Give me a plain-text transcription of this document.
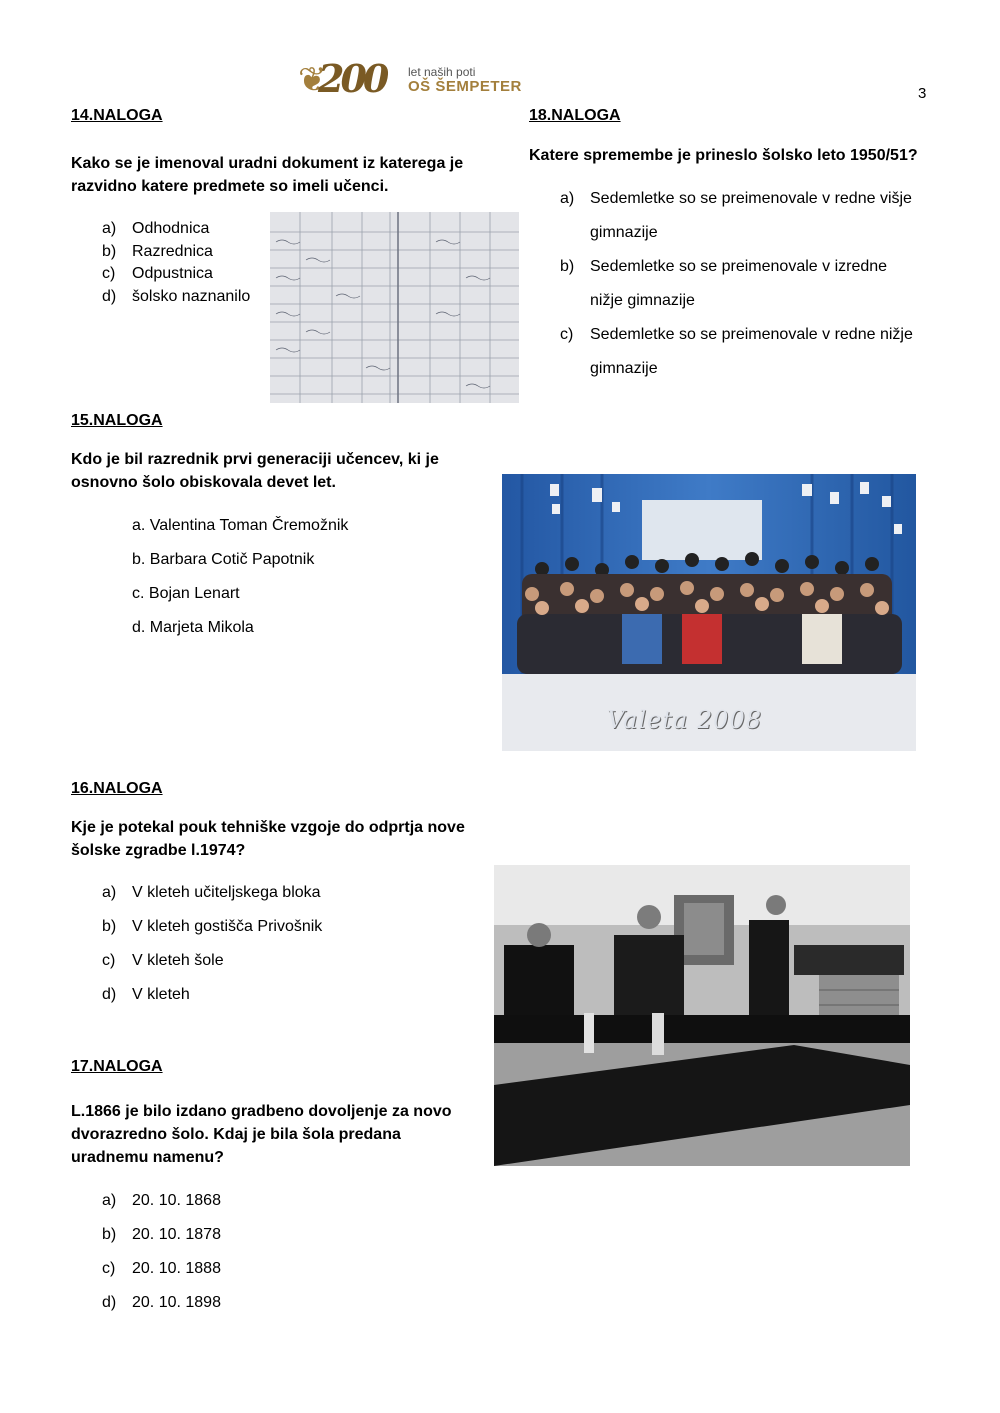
❦
200 let naših poti
OŠ ŠEMPETER	3
14.NALOGA
Kako se je imenoval uradni dokument iz katerega je razvidno katere predmete so imeli učenci.
a) Odhodnica
b) Razrednica
c)	Odpustnica
d) šolsko naznanilo
18.NALOGA
Katere spremembe je prineslo šolsko leto 1950/51?
a) Sedemletke so se preimenovale v redne višje
gimnazije
b) Sedemletke so se preimenovale v izredne
nižje gimnazije
c)	Sedemletke so se preimenovale v redne nižje
gimnazije
15.NALOGA
Kdo je bil razrednik prvi generaciji učencev, ki je osnovno šolo obiskovala devet let.
a. Valentina Toman Čremožnik
b. Barbara Cotič Papotnik
c. Bojan Lenart
d. Marjeta Mikola
Valeta 2008
16.NALOGA
Kje je potekal pouk tehniške vzgoje do odprtja nove šolske zgradbe l.1974?
a) V kleteh učiteljskega bloka
b) V kleteh gostišča Privošnik
c)	V kleteh šole
d) V kleteh
17.NALOGA
L.1866 je bilo izdano gradbeno dovoljenje za novo dvorazredno šolo. Kdaj je bila šola predana uradnemu namenu?
a) 20. 10. 1868
b) 20. 10. 1878
c)	20. 10. 1888
d) 20. 10. 1898
